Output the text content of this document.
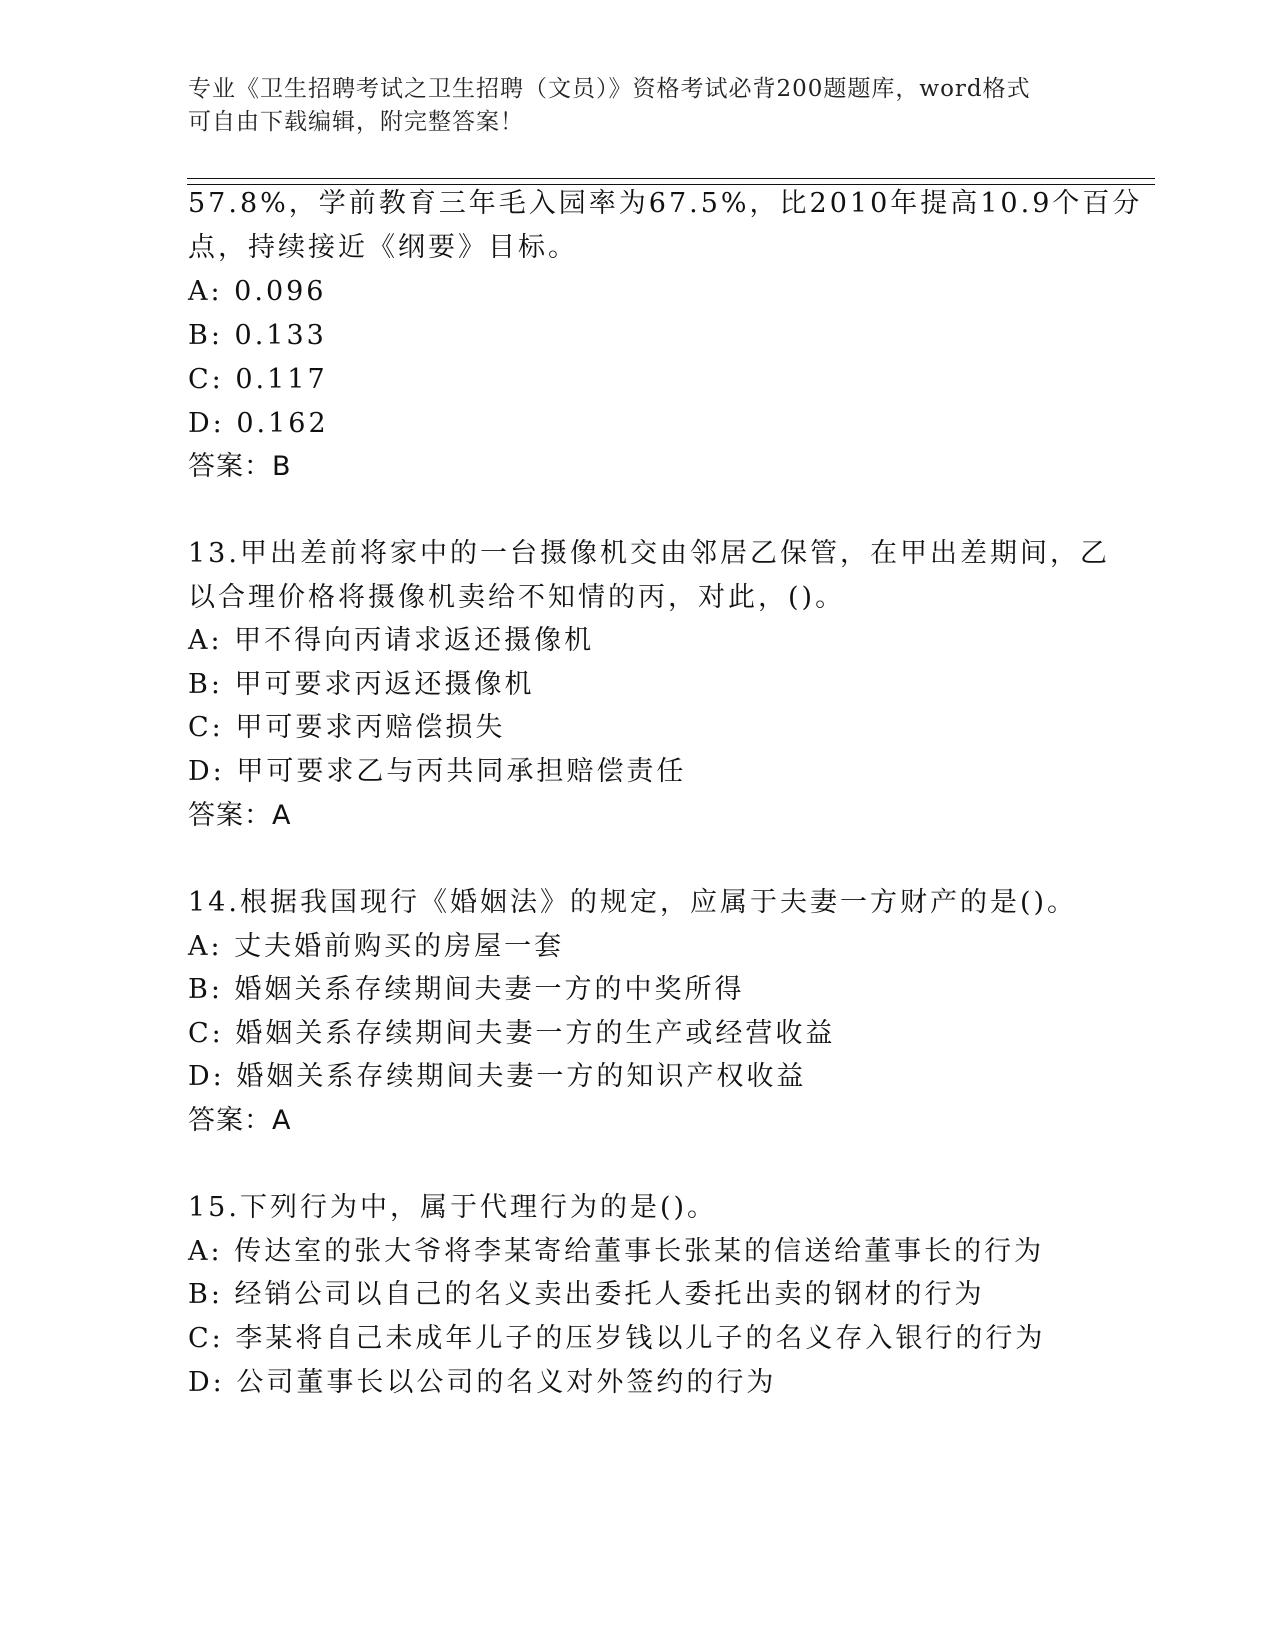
专业《卫生招聘考试之卫生招聘（文员）》资格考试必背200题题库，word格式
可自由下载编辑，附完整答案！
57.8%，学前教育三年毛入园率为67.5%，比2010年提高10.9个百分
点，持续接近《纲要》目标。
A: 0.096
B: 0.133
C: 0.117
D: 0.162
答案：B
13.甲出差前将家中的一台摄像机交由邻居乙保管，在甲出差期间，乙
以合理价格将摄像机卖给不知情的丙，对此，()。
A: 甲不得向丙请求返还摄像机
B: 甲可要求丙返还摄像机
C: 甲可要求丙赔偿损失
D: 甲可要求乙与丙共同承担赔偿责任
答案：A
14.根据我国现行《婚姻法》的规定，应属于夫妻一方财产的是()。
A: 丈夫婚前购买的房屋一套
B: 婚姻关系存续期间夫妻一方的中奖所得
C: 婚姻关系存续期间夫妻一方的生产或经营收益
D: 婚姻关系存续期间夫妻一方的知识产权收益
答案：A
15.下列行为中，属于代理行为的是()。
A: 传达室的张大爷将李某寄给董事长张某的信送给董事长的行为
B: 经销公司以自己的名义卖出委托人委托出卖的钢材的行为
C: 李某将自己未成年儿子的压岁钱以儿子的名义存入银行的行为
D: 公司董事长以公司的名义对外签约的行为
